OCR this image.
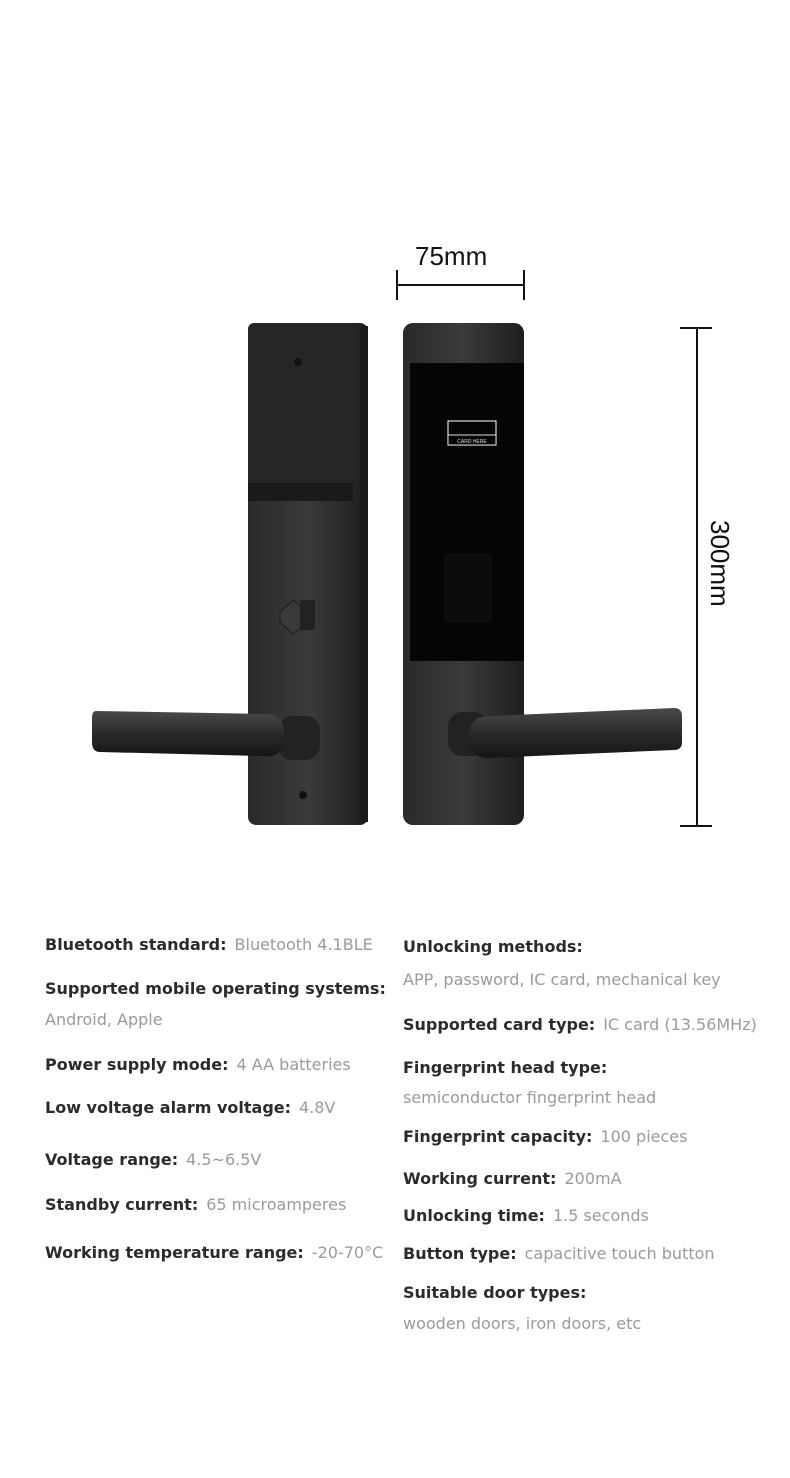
CARD HERE
75mm
300mm
Bluetooth standard: Bluetooth 4.1BLE
Supported mobile operating systems:
Android, Apple
Power supply mode: 4 AA batteries
Low voltage alarm voltage: 4.8V
Voltage range: 4.5~6.5V
Standby current: 65 microamperes
Working temperature range: -20-70°C
Unlocking methods:
APP, password, IC card, mechanical key
Supported card type: IC card (13.56MHz)
Fingerprint head type:
semiconductor fingerprint head
Fingerprint capacity: 100 pieces
Working current: 200mA
Unlocking time: 1.5 seconds
Button type: capacitive touch button
Suitable door types:
wooden doors, iron doors, etc
